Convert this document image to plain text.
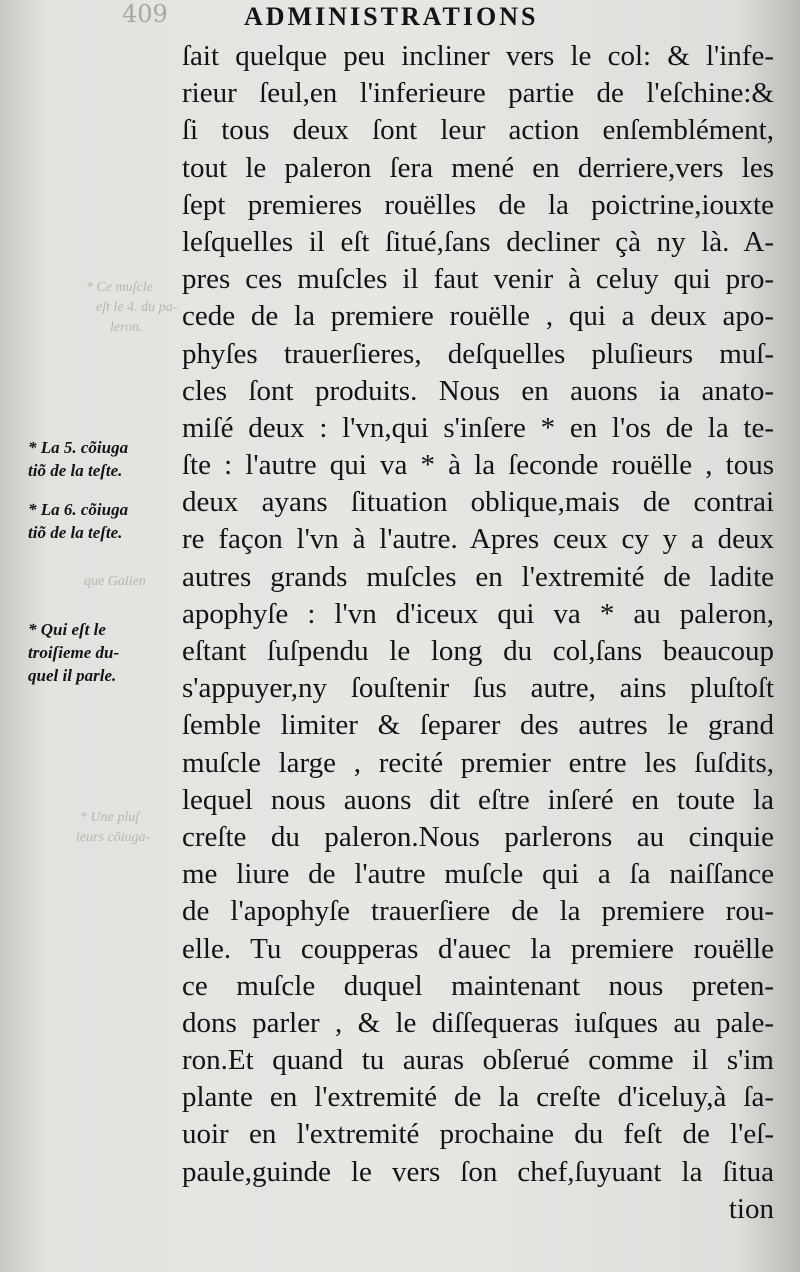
409	ADMINISTRATIONS
* Ce muſcle
eſt le 4. du pa-
leron.
* Une pluſ
ieurs cõiuga-
que Galien
* La 5. cõiuga
tiõ de la teſte.
* La 6. cõiuga
tiõ de la teſte.
* Qui eſt le
troiſieme du-
quel il parle.
ſait quelque peu incliner vers le col: & l'infe-
rieur ſeul,en l'inferieure partie de l'eſchine:&
ſi tous deux ſont leur action enſemblément,
tout le paleron ſera mené en derriere,vers les
ſept premieres rouëlles de la poictrine,iouxte
leſquelles il eſt ſitué,ſans decliner çà ny là. A-
pres ces muſcles il faut venir à celuy qui pro-
cede de la premiere rouëlle , qui a deux apo-
phyſes trauerſieres, deſquelles pluſieurs muſ-
cles ſont produits. Nous en auons ia anato-
miſé deux : l'vn,qui s'inſere * en l'os de la te-
ſte : l'autre qui va * à la ſeconde rouëlle , tous
deux ayans ſituation oblique,mais de contrai
re façon l'vn à l'autre. Apres ceux cy y a deux
autres grands muſcles en l'extremité de ladite
apophyſe : l'vn d'iceux qui va * au paleron,
eſtant ſuſpendu le long du col,ſans beaucoup
s'appuyer,ny ſouſtenir ſus autre, ains pluſtoſt
ſemble limiter & ſeparer des autres le grand
muſcle large , recité premier entre les ſuſdits,
lequel nous auons dit eſtre inſeré en toute la
creſte du paleron.Nous parlerons au cinquie
me liure de l'autre muſcle qui a ſa naiſſance
de l'apophyſe trauerſiere de la premiere rou-
elle. Tu coupperas d'auec la premiere rouëlle
ce muſcle duquel maintenant nous preten-
dons parler , & le diſſequeras iuſques au pale-
ron.Et quand tu auras obſerué comme il s'im
plante en l'extremité de la creſte d'iceluy,à ſa-
uoir en l'extremité prochaine du feſt de l'eſ-
paule,guinde le vers ſon chef,ſuyuant la ſitua
tion
